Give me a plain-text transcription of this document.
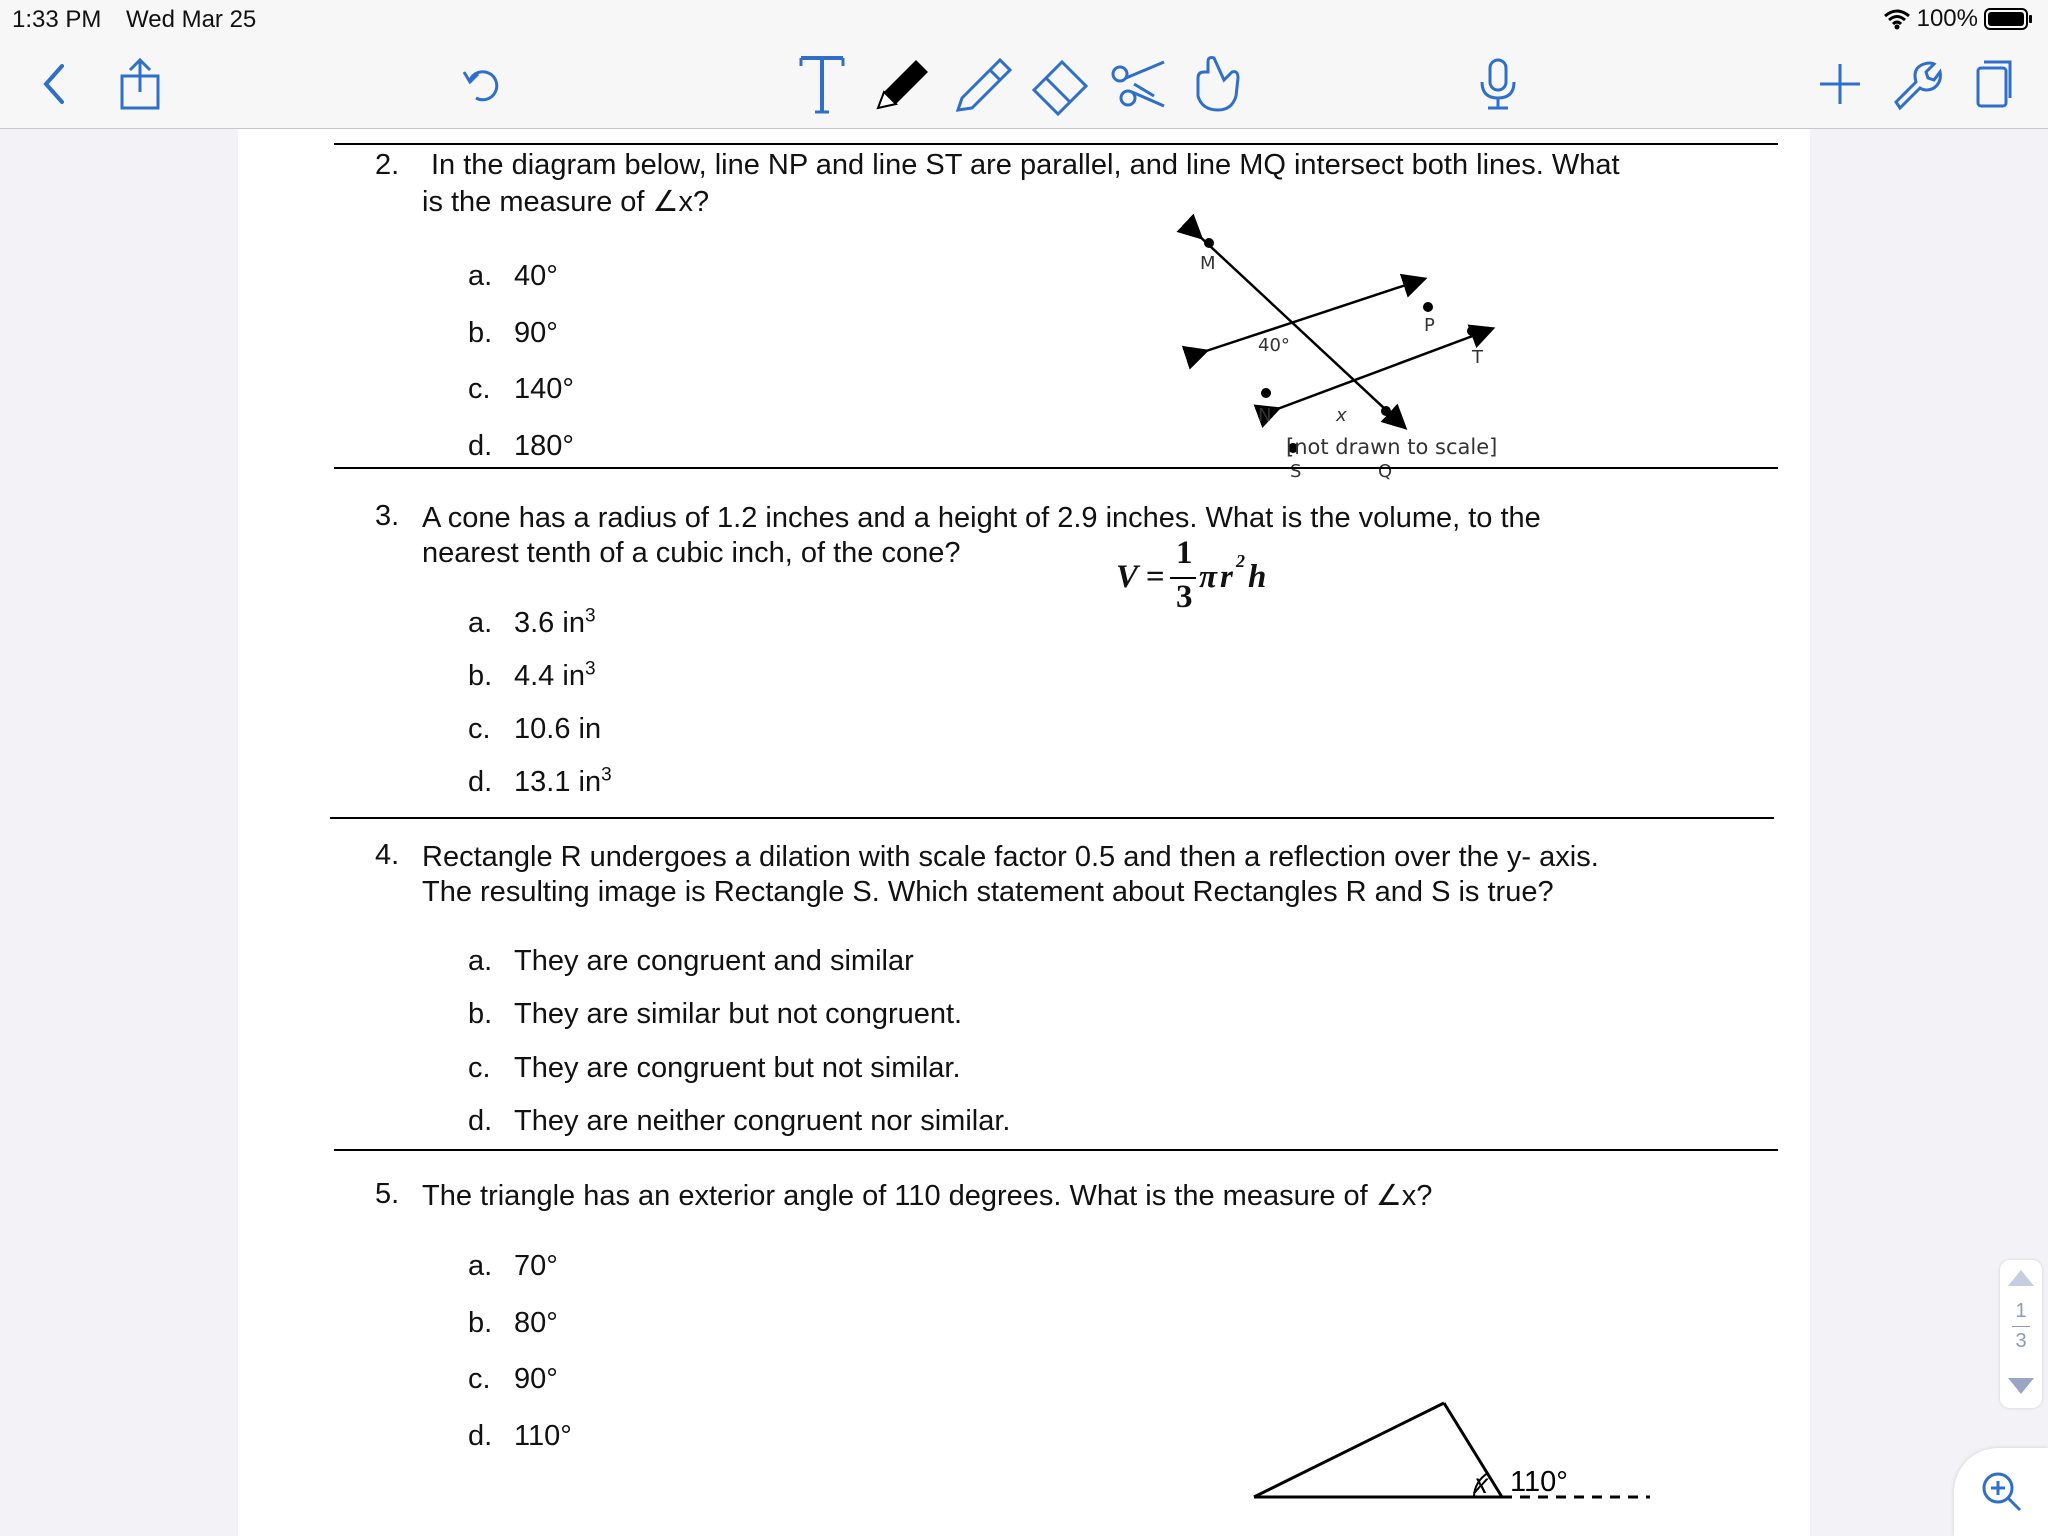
1:33 PM Wed Mar 25	100%
2. In the diagram below, line NP and line ST are parallel, and line MQ intersect both lines. What
is the measure of ∠x?
a. 40°
b. 90°
c. 140°
d. 180°
M
P
N
T
S	Q
x
40°
[not drawn to scale]
3. A cone has a radius of 1.2 inches and a height of 2.9 inches. What is the volume, to the
nearest tenth of a cubic inch, of the cone?
V =
1
3
π r 2 h
a. 3.6 $in^3$
b. 4.4 $in^3$
c. 10.6 in
d. 13.1 $in^3$
4. Rectangle R undergoes a dilation with scale factor 0.5 and then a reflection over the y- axis.
The resulting image is Rectangle S. Which statement about Rectangles R and S is true?
a. They are congruent and similar
b. They are similar but not congruent.
c. They are congruent but not similar.
d. They are neither congruent nor similar.
5. The triangle has an exterior angle of 110 degrees. What is the measure of ∠x?
a. 70°
b. 80°
c. 90°
d. 110°
x 110°
1
3
